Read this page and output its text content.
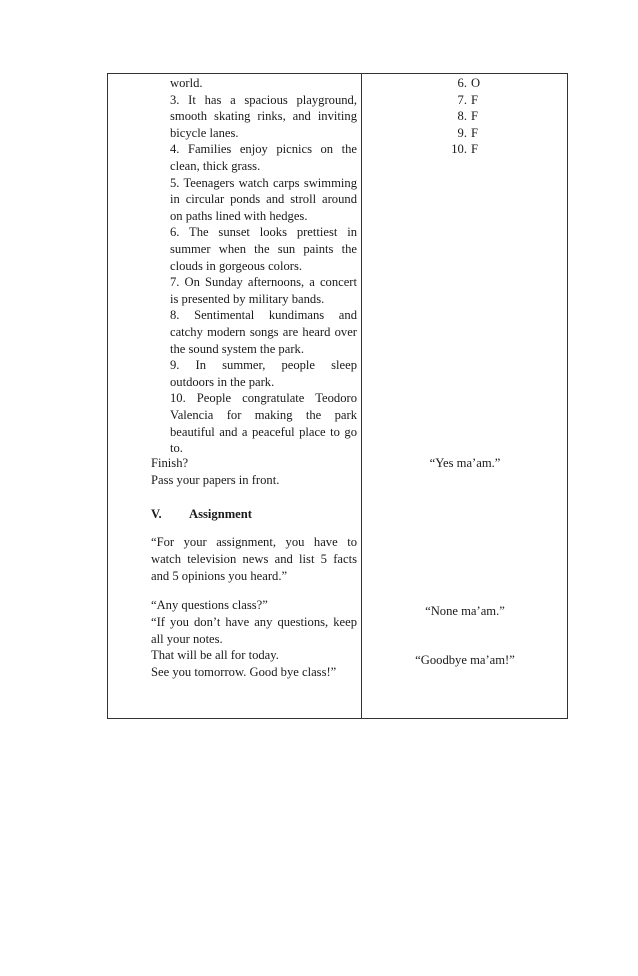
world.
3. It has a spacious playground,
smooth skating rinks, and inviting
bicycle lanes.
4. Families enjoy picnics on the
clean, thick grass.
5. Teenagers watch carps swimming
in circular ponds and stroll around
on paths lined with hedges.
6. The sunset looks prettiest in
summer when the sun paints the
clouds in gorgeous colors.
7. On Sunday afternoons, a concert
is presented by military bands.
8. Sentimental kundimans and
catchy modern songs are heard over
the sound system the park.
9. In summer, people sleep
outdoors in the park.
10. People congratulate Teodoro
Valencia for making the park
beautiful and a peaceful place to go
to.
Finish?
Pass your papers in front.
V. Assignment
“For your assignment, you have to
watch television news and list 5 facts
and 5 opinions you heard.”
“Any questions class?”
“If you don’t have any questions, keep
all your notes.
That will be all for today.
See you tomorrow. Good bye class!”
6. O
7. F
8. F
9. F
10. F
“Yes ma’am.”
“None ma’am.”
“Goodbye ma’am!”
